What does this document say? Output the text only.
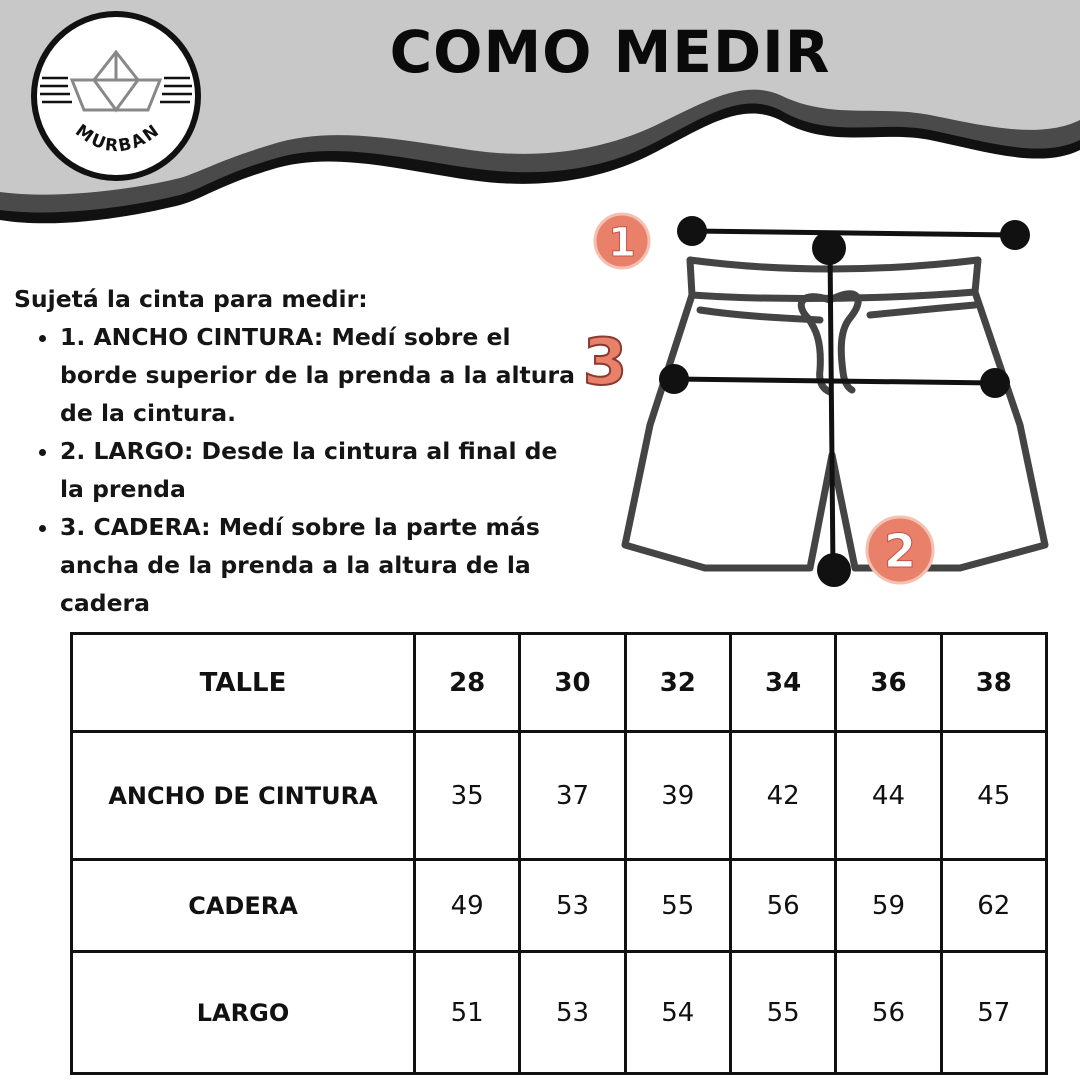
COMO MEDIR
MURBAN
Sujetá la cinta para medir:
• 1. ANCHO CINTURA: Medí sobre el borde superior de la prenda a la altura de la cintura.
• 2. LARGO: Desde la cintura al final de la prenda
• 3. CADERA: Medí sobre la parte más ancha de la prenda a la altura de la cadera
1
2
3
TALLE	28	30	32	34	36	38
ANCHO DE CINTURA	35	37	39	42	44	45
CADERA	49	53	55	56	59	62
LARGO	51	53	54	55	56	57
